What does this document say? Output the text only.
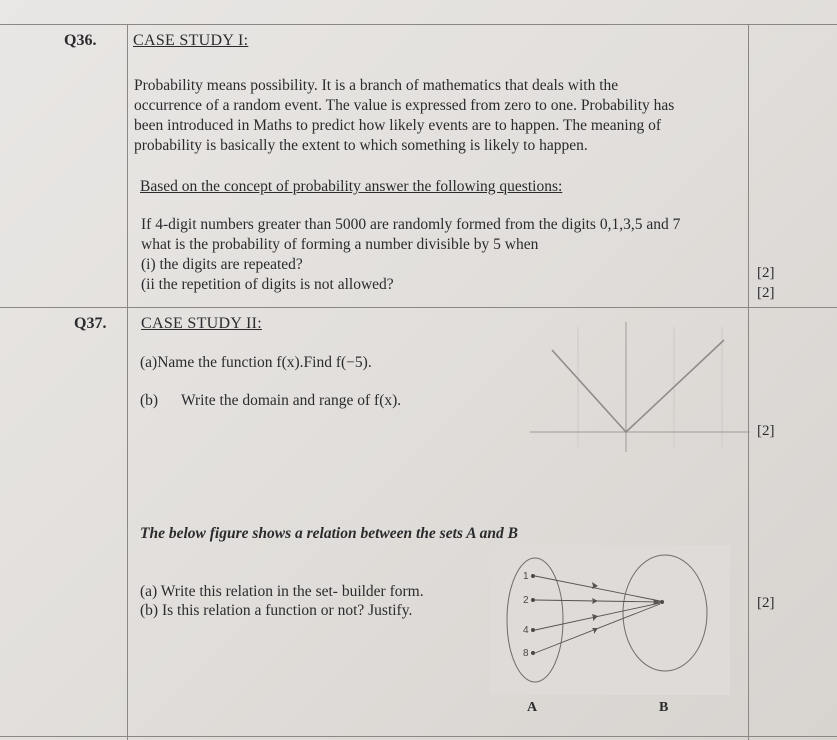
Q36. CASE STUDY I:
Probability means possibility. It is a branch of mathematics that deals with the
occurrence of a random event. The value is expressed from zero to one. Probability has
been introduced in Maths to predict how likely events are to happen. The meaning of
probability is basically the extent to which something is likely to happen.
Based on the concept of probability answer the following questions:
If 4-digit numbers greater than 5000 are randomly formed from the digits 0,1,3,5 and 7
what is the probability of forming a number divisible by 5 when
(i) the digits are repeated?
(ii the repetition of digits is not allowed?
[2]
[2]
Q37. CASE STUDY II:
(a)Name the function f(x).Find f(−5).
(b) Write the domain and range of f(x).
[2]
The below figure shows a relation between the sets A and B
(a) Write this relation in the set- builder form.
(b) Is this relation a function or not? Justify.	[2]
1
2
4
8
A	B
